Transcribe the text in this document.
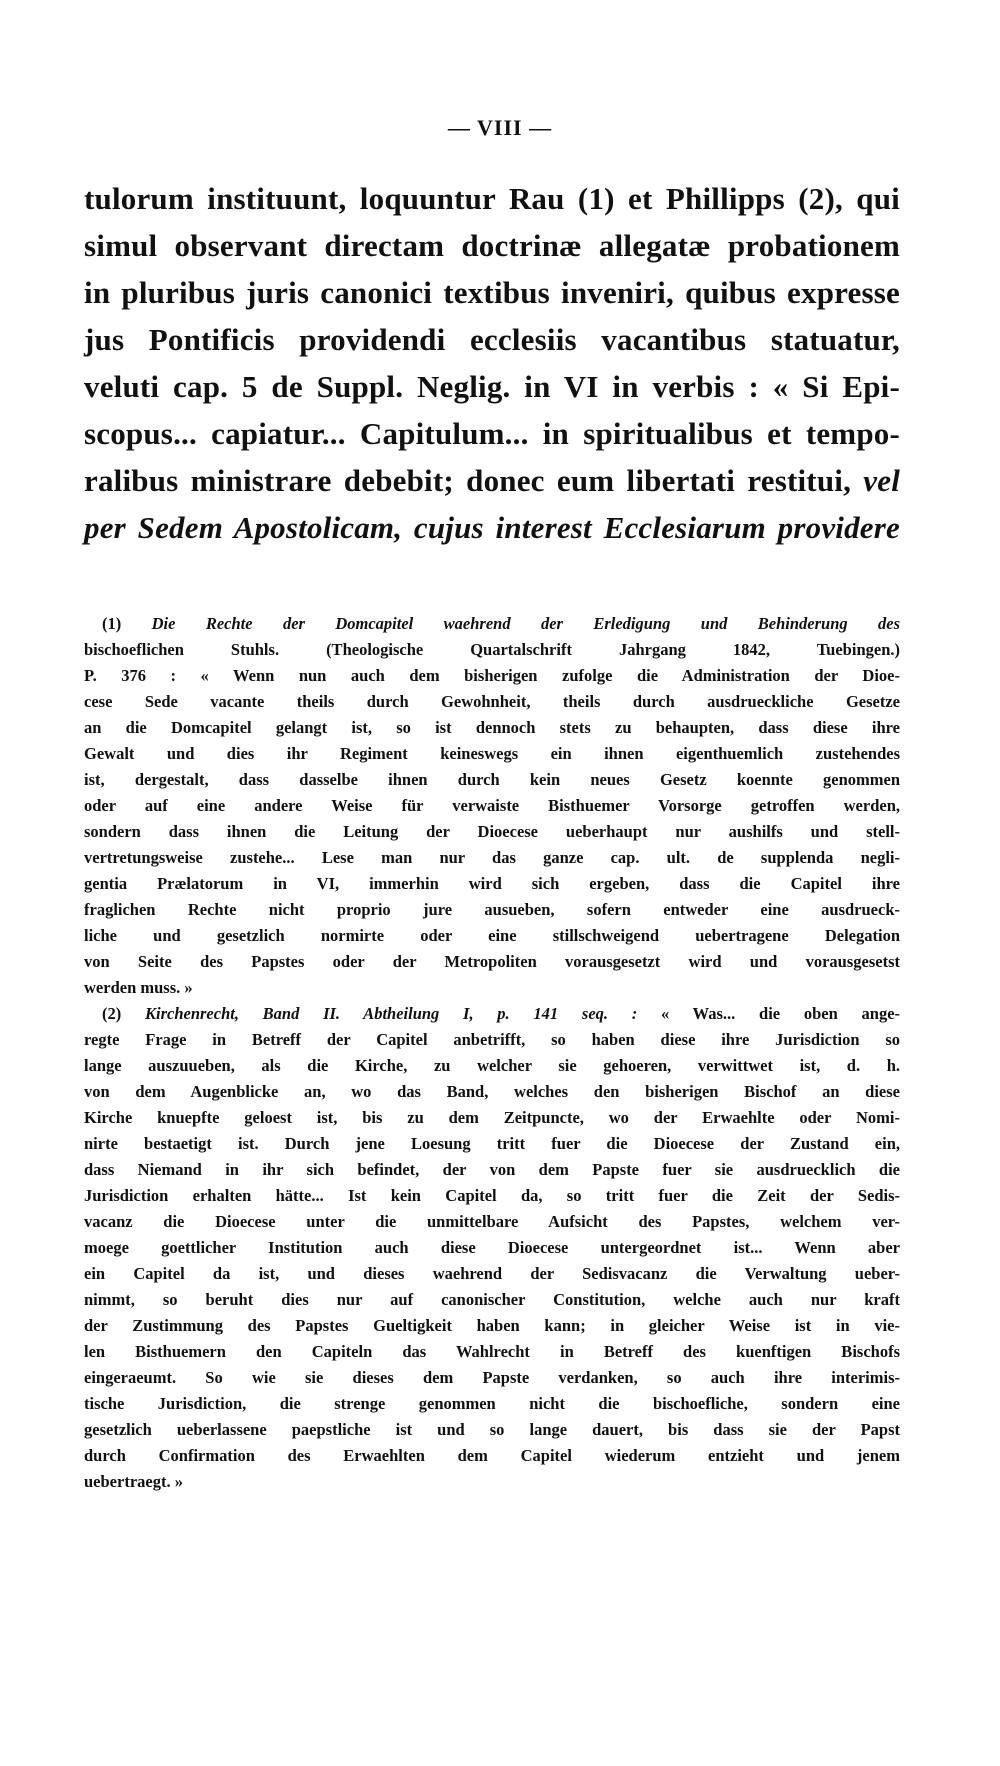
— VIII —
tulorum instituunt, loquuntur Rau (1) et Phillipps (2), qui
simul observant directam doctrinæ allegatæ probationem
in pluribus juris canonici textibus inveniri, quibus expresse
jus Pontificis providendi ecclesiis vacantibus statuatur,
veluti cap. 5 de Suppl. Neglig. in VI in verbis : « Si Epi-
scopus... capiatur... Capitulum... in spiritualibus et tempo-
ralibus ministrare debebit; donec eum libertati restitui, vel
per Sedem Apostolicam, cujus interest Ecclesiarum providere
(1) Die Rechte der Domcapitel waehrend der Erledigung und Behinderung des
bischoeflichen Stuhls. (Theologische Quartalschrift Jahrgang 1842, Tuebingen.)
P. 376 : « Wenn nun auch dem bisherigen zufolge die Administration der Dioe-
cese Sede vacante theils durch Gewohnheit, theils durch ausdrueckliche Gesetze
an die Domcapitel gelangt ist, so ist dennoch stets zu behaupten, dass diese ihre
Gewalt und dies ihr Regiment keineswegs ein ihnen eigenthuemlich zustehendes
ist, dergestalt, dass dasselbe ihnen durch kein neues Gesetz koennte genommen
oder auf eine andere Weise für verwaiste Bisthuemer Vorsorge getroffen werden,
sondern dass ihnen die Leitung der Dioecese ueberhaupt nur aushilfs und stell-
vertretungsweise zustehe... Lese man nur das ganze cap. ult. de supplenda negli-
gentia Prælatorum in VI, immerhin wird sich ergeben, dass die Capitel ihre
fraglichen Rechte nicht proprio jure ausueben, sofern entweder eine ausdrueck-
liche und gesetzlich normirte oder eine stillschweigend uebertragene Delegation
von Seite des Papstes oder der Metropoliten vorausgesetzt wird und vorausgesetst
werden muss. »
(2) Kirchenrecht, Band II. Abtheilung I, p. 141 seq. : « Was... die oben ange-
regte Frage in Betreff der Capitel anbetrifft, so haben diese ihre Jurisdiction so
lange auszuueben, als die Kirche, zu welcher sie gehoeren, verwittwet ist, d. h.
von dem Augenblicke an, wo das Band, welches den bisherigen Bischof an diese
Kirche knuepfte geloest ist, bis zu dem Zeitpuncte, wo der Erwaehlte oder Nomi-
nirte bestaetigt ist. Durch jene Loesung tritt fuer die Dioecese der Zustand ein,
dass Niemand in ihr sich befindet, der von dem Papste fuer sie ausdruecklich die
Jurisdiction erhalten hätte... Ist kein Capitel da, so tritt fuer die Zeit der Sedis-
vacanz die Dioecese unter die unmittelbare Aufsicht des Papstes, welchem ver-
moege goettlicher Institution auch diese Dioecese untergeordnet ist... Wenn aber
ein Capitel da ist, und dieses waehrend der Sedisvacanz die Verwaltung ueber-
nimmt, so beruht dies nur auf canonischer Constitution, welche auch nur kraft
der Zustimmung des Papstes Gueltigkeit haben kann; in gleicher Weise ist in vie-
len Bisthuemern den Capiteln das Wahlrecht in Betreff des kuenftigen Bischofs
eingeraeumt. So wie sie dieses dem Papste verdanken, so auch ihre interimis-
tische Jurisdiction, die strenge genommen nicht die bischoefliche, sondern eine
gesetzlich ueberlassene paepstliche ist und so lange dauert, bis dass sie der Papst
durch Confirmation des Erwaehlten dem Capitel wiederum entzieht und jenem
uebertraegt. »
